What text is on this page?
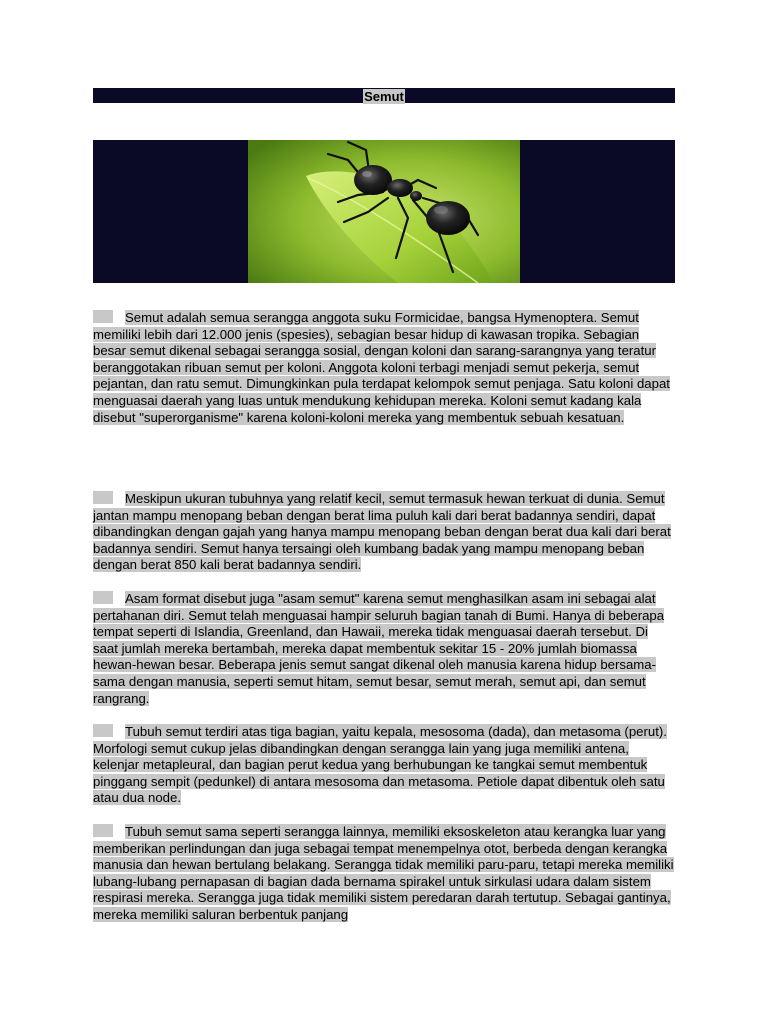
Semut

Semut adalah semua serangga anggota suku Formicidae, bangsa Hymenoptera. Semut memiliki lebih dari 12.000 jenis (spesies), sebagian besar hidup di kawasan tropika. Sebagian besar semut dikenal sebagai serangga sosial, dengan koloni dan sarang-sarangnya yang teratur beranggotakan ribuan semut per koloni. Anggota koloni terbagi menjadi semut pekerja, semut pejantan, dan ratu semut. Dimungkinkan pula terdapat kelompok semut penjaga. Satu koloni dapat menguasai daerah yang luas untuk mendukung kehidupan mereka. Koloni semut kadang kala disebut "superorganisme" karena koloni-koloni mereka yang membentuk sebuah kesatuan.

Meskipun ukuran tubuhnya yang relatif kecil, semut termasuk hewan terkuat di dunia. Semut jantan mampu menopang beban dengan berat lima puluh kali dari berat badannya sendiri, dapat dibandingkan dengan gajah yang hanya mampu menopang beban dengan berat dua kali dari berat badannya sendiri. Semut hanya tersaingi oleh kumbang badak yang mampu menopang beban dengan berat 850 kali berat badannya sendiri.

Asam format disebut juga "asam semut" karena semut menghasilkan asam ini sebagai alat pertahanan diri. Semut telah menguasai hampir seluruh bagian tanah di Bumi. Hanya di beberapa tempat seperti di Islandia, Greenland, dan Hawaii, mereka tidak menguasai daerah tersebut. Di saat jumlah mereka bertambah, mereka dapat membentuk sekitar 15 - 20% jumlah biomassa hewan-hewan besar. Beberapa jenis semut sangat dikenal oleh manusia karena hidup bersama-sama dengan manusia, seperti semut hitam, semut besar, semut merah, semut api, dan semut rangrang.

Tubuh semut terdiri atas tiga bagian, yaitu kepala, mesosoma (dada), dan metasoma (perut). Morfologi semut cukup jelas dibandingkan dengan serangga lain yang juga memiliki antena, kelenjar metapleural, dan bagian perut kedua yang berhubungan ke tangkai semut membentuk pinggang sempit (pedunkel) di antara mesosoma dan metasoma. Petiole dapat dibentuk oleh satu atau dua node.

Tubuh semut sama seperti serangga lainnya, memiliki eksoskeleton atau kerangka luar yang memberikan perlindungan dan juga sebagai tempat menempelnya otot, berbeda dengan kerangka manusia dan hewan bertulang belakang. Serangga tidak memiliki paru-paru, tetapi mereka memiliki lubang-lubang pernapasan di bagian dada bernama spirakel untuk sirkulasi udara dalam sistem respirasi mereka. Serangga juga tidak memiliki sistem peredaran darah tertutup. Sebagai gantinya, mereka memiliki saluran berbentuk panjang
